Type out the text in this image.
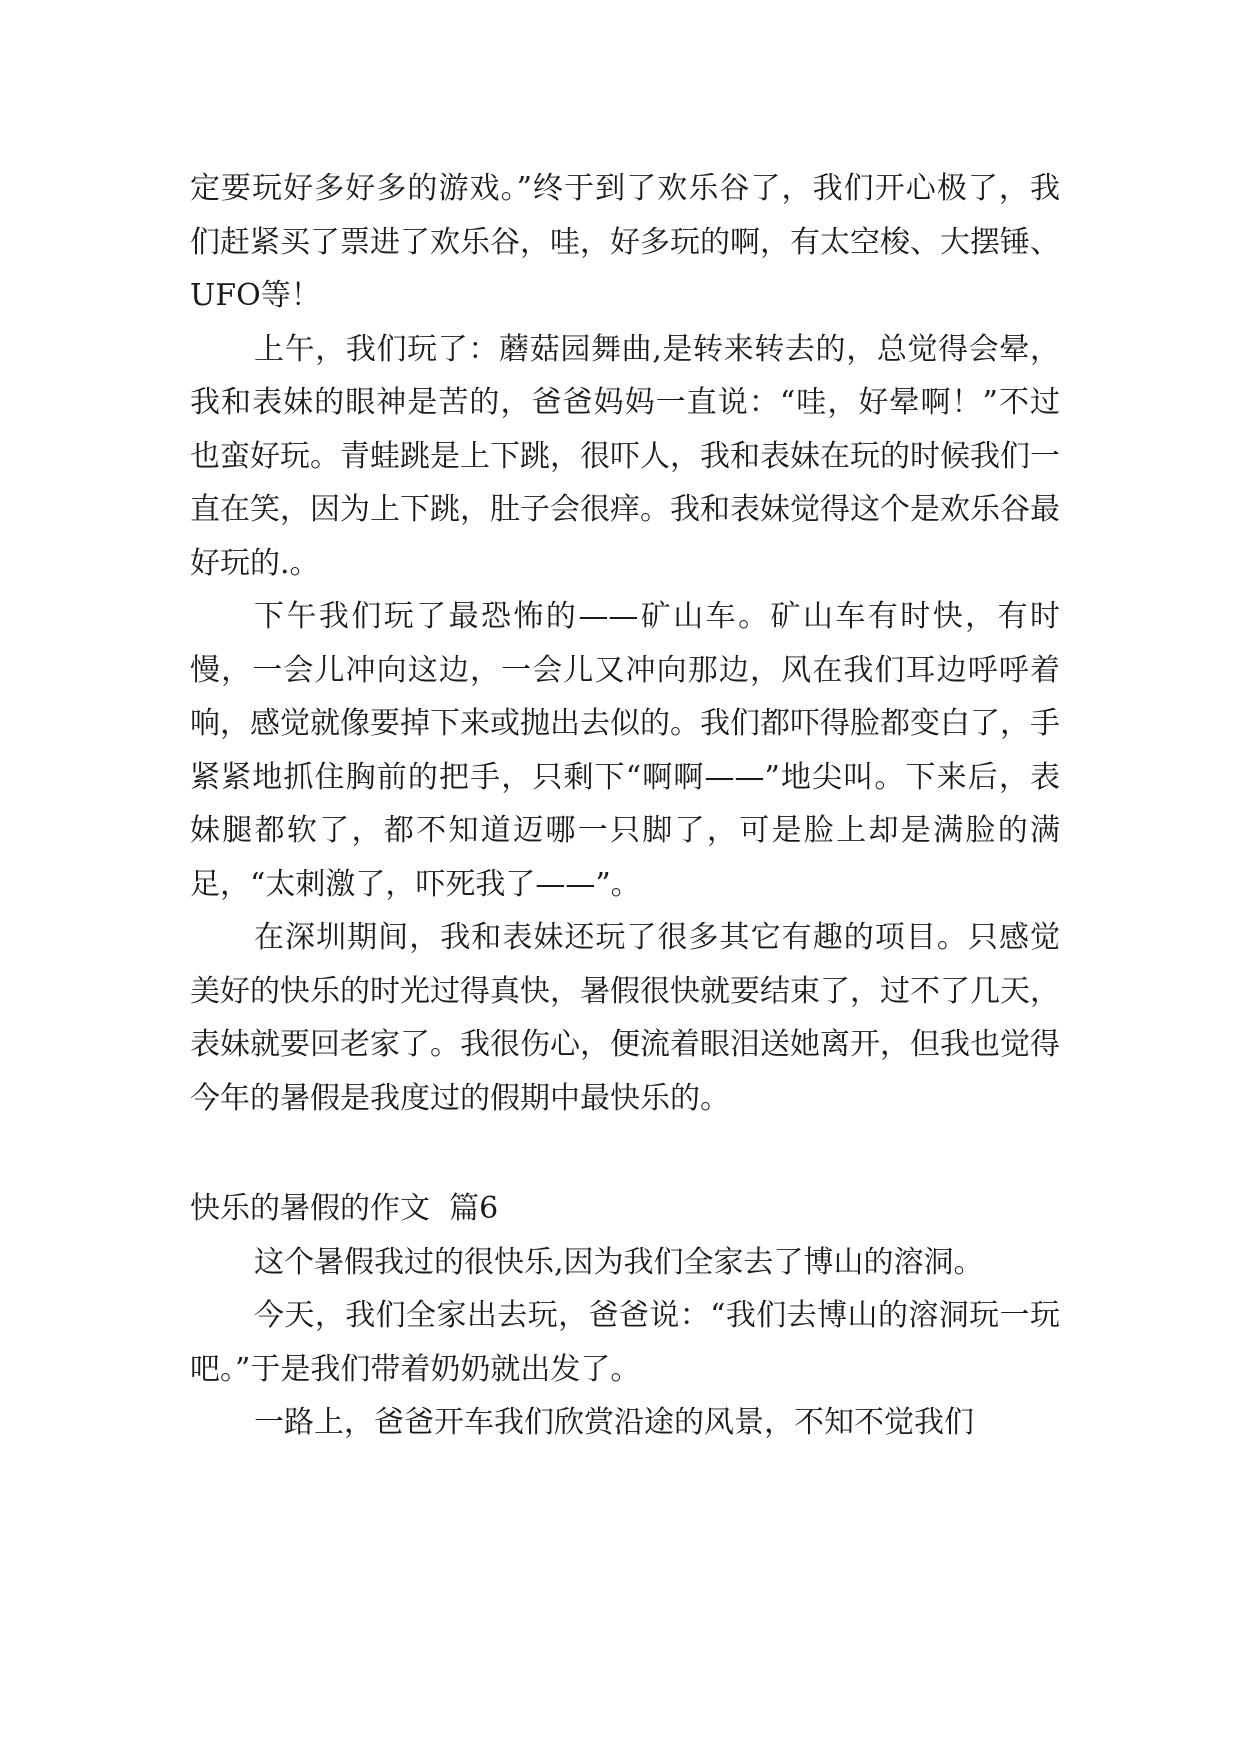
定要玩好多好多的游戏。”终于到了欢乐谷了，我们开心极了，我们赶紧买了票进了欢乐谷，哇，好多玩的啊，有太空梭、大摆锤、UFO等！

上午，我们玩了：蘑菇园舞曲,是转来转去的，总觉得会晕，我和表妹的眼神是苦的，爸爸妈妈一直说：“哇，好晕啊！”不过也蛮好玩。青蛙跳是上下跳，很吓人，我和表妹在玩的时候我们一直在笑，因为上下跳，肚子会很痒。我和表妹觉得这个是欢乐谷最好玩的.。

下午我们玩了最恐怖的——矿山车。矿山车有时快，有时慢，一会儿冲向这边，一会儿又冲向那边，风在我们耳边呼呼着响，感觉就像要掉下来或抛出去似的。我们都吓得脸都变白了，手紧紧地抓住胸前的把手，只剩下“啊啊——”地尖叫。下来后，表妹腿都软了，都不知道迈哪一只脚了，可是脸上却是满脸的满足，“太刺激了，吓死我了——”。

在深圳期间，我和表妹还玩了很多其它有趣的项目。只感觉美好的快乐的时光过得真快，暑假很快就要结束了，过不了几天，表妹就要回老家了。我很伤心，便流着眼泪送她离开，但我也觉得今年的暑假是我度过的假期中最快乐的。

快乐的暑假的作文  篇6

这个暑假我过的很快乐,因为我们全家去了博山的溶洞。

今天，我们全家出去玩，爸爸说：“我们去博山的溶洞玩一玩吧。”于是我们带着奶奶就出发了。

一路上，爸爸开车我们欣赏沿途的风景，不知不觉我们
